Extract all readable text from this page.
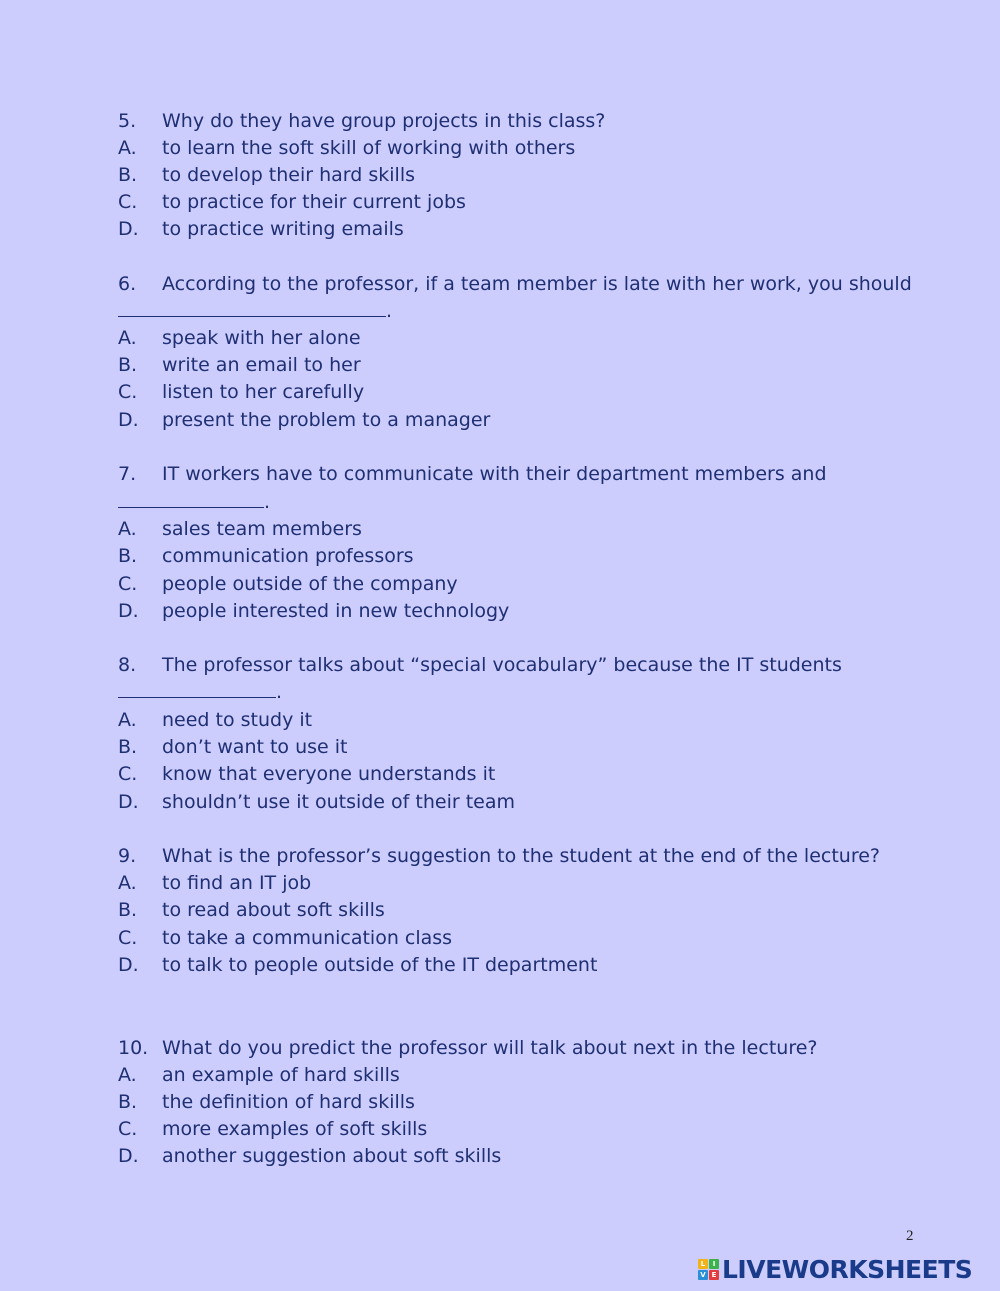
5. Why do they have group projects in this class?
A. to learn the soft skill of working with others
B. to develop their hard skills
C. to practice for their current jobs
D. to practice writing emails
6. According to the professor, if a team member is late with her work, you should
.
A. speak with her alone
B. write an email to her
C. listen to her carefully
D. present the problem to a manager
7. IT workers have to communicate with their department members and
.
A. sales team members
B. communication professors
C. people outside of the company
D. people interested in new technology
8. The professor talks about “special vocabulary” because the IT students
.
A. need to study it
B. don’t want to use it
C. know that everyone understands it
D. shouldn’t use it outside of their team
9. What is the professor’s suggestion to the student at the end of the lecture?
A. to find an IT job
B. to read about soft skills
C. to take a communication class
D. to talk to people outside of the IT department
10. What do you predict the professor will talk about next in the lecture?
A. an example of hard skills
B. the definition of hard skills
C. more examples of soft skills
D. another suggestion about soft skills
2
L	I
V E LIVEWORKSHEETS
